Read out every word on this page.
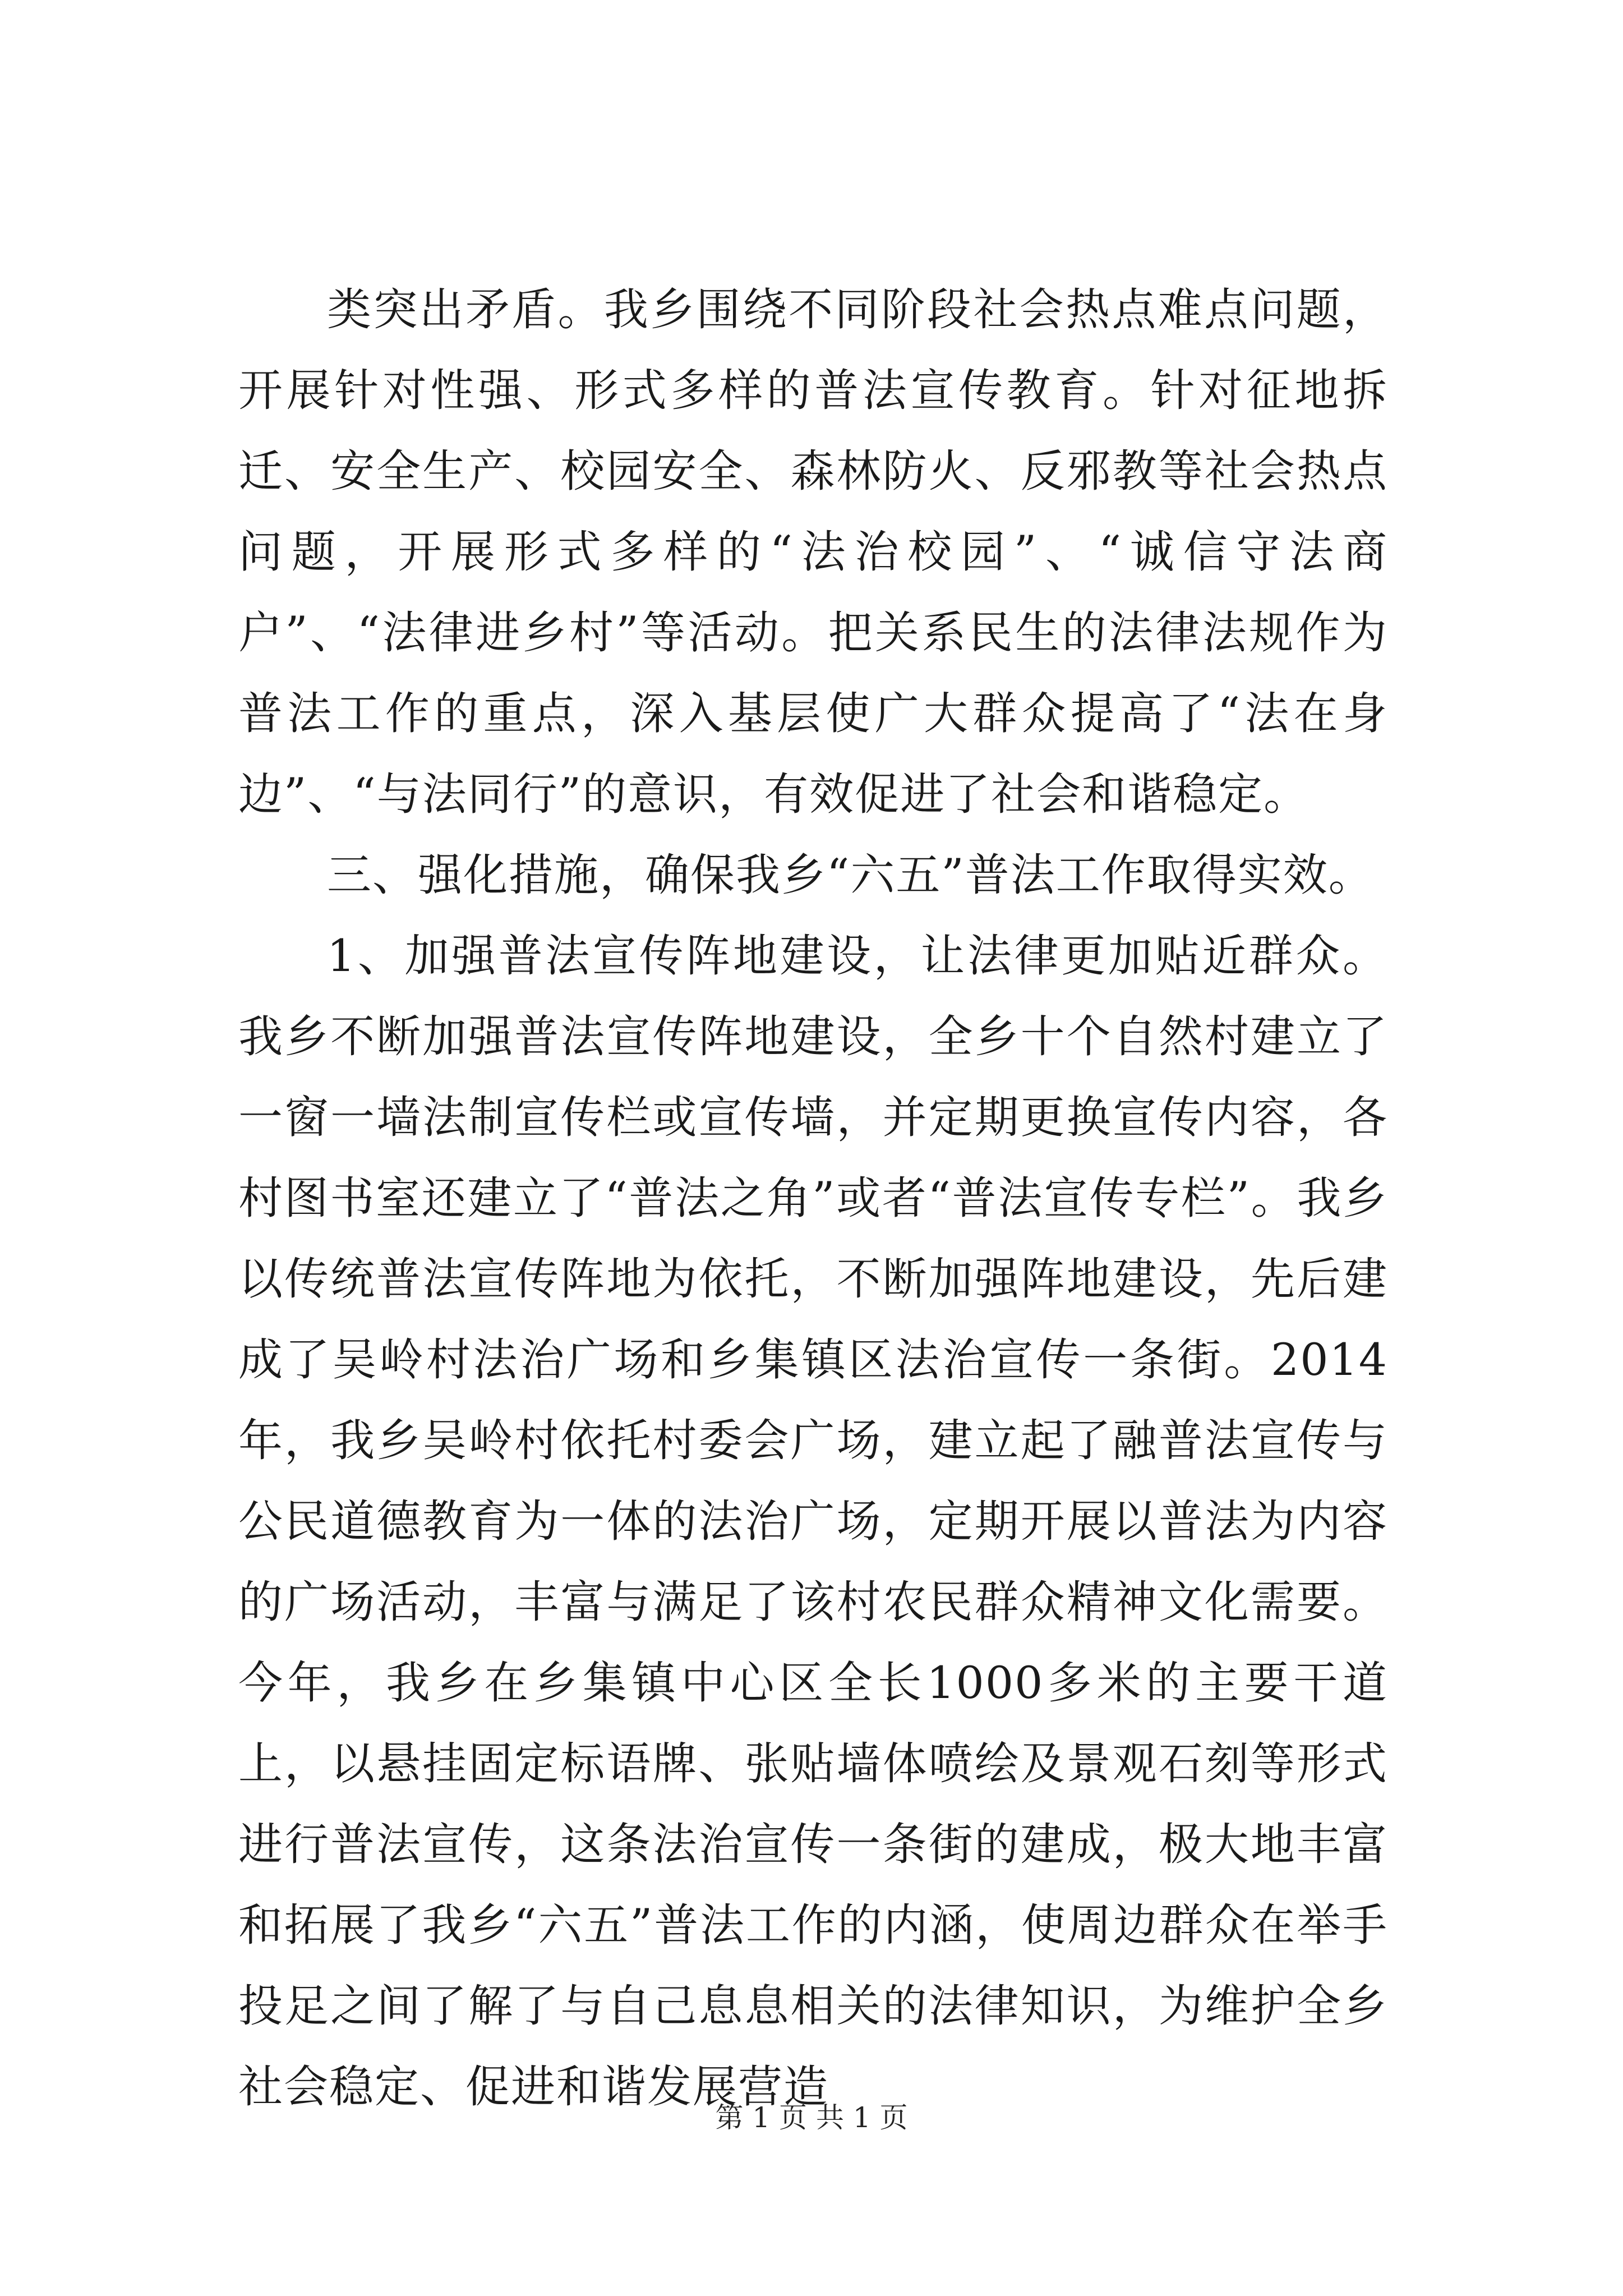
类突出矛盾。我乡围绕不同阶段社会热点难点问题，开展针对性强、形式多样的普法宣传教育。针对征地拆迁、安全生产、校园安全、森林防火、反邪教等社会热点问题，开展形式多样的“法治校园”、“诚信守法商户”、“法律进乡村”等活动。把关系民生的法律法规作为普法工作的重点，深入基层使广大群众提高了“法在身边”、“与法同行”的意识，有效促进了社会和谐稳定。

三、强化措施，确保我乡“六五”普法工作取得实效。

1、加强普法宣传阵地建设，让法律更加贴近群众。我乡不断加强普法宣传阵地建设，全乡十个自然村建立了一窗一墙法制宣传栏或宣传墙，并定期更换宣传内容，各村图书室还建立了“普法之角”或者“普法宣传专栏”。我乡以传统普法宣传阵地为依托，不断加强阵地建设，先后建成了吴岭村法治广场和乡集镇区法治宣传一条街。2014年，我乡吴岭村依托村委会广场，建立起了融普法宣传与公民道德教育为一体的法治广场，定期开展以普法为内容的广场活动，丰富与满足了该村农民群众精神文化需要。今年，我乡在乡集镇中心区全长1000多米的主要干道上，以悬挂固定标语牌、张贴墙体喷绘及景观石刻等形式进行普法宣传，这条法治宣传一条街的建成，极大地丰富和拓展了我乡“六五”普法工作的内涵，使周边群众在举手投足之间了解了与自己息息相关的法律知识，为维护全乡社会稳定、促进和谐发展营造

第 1 页 共 1 页
